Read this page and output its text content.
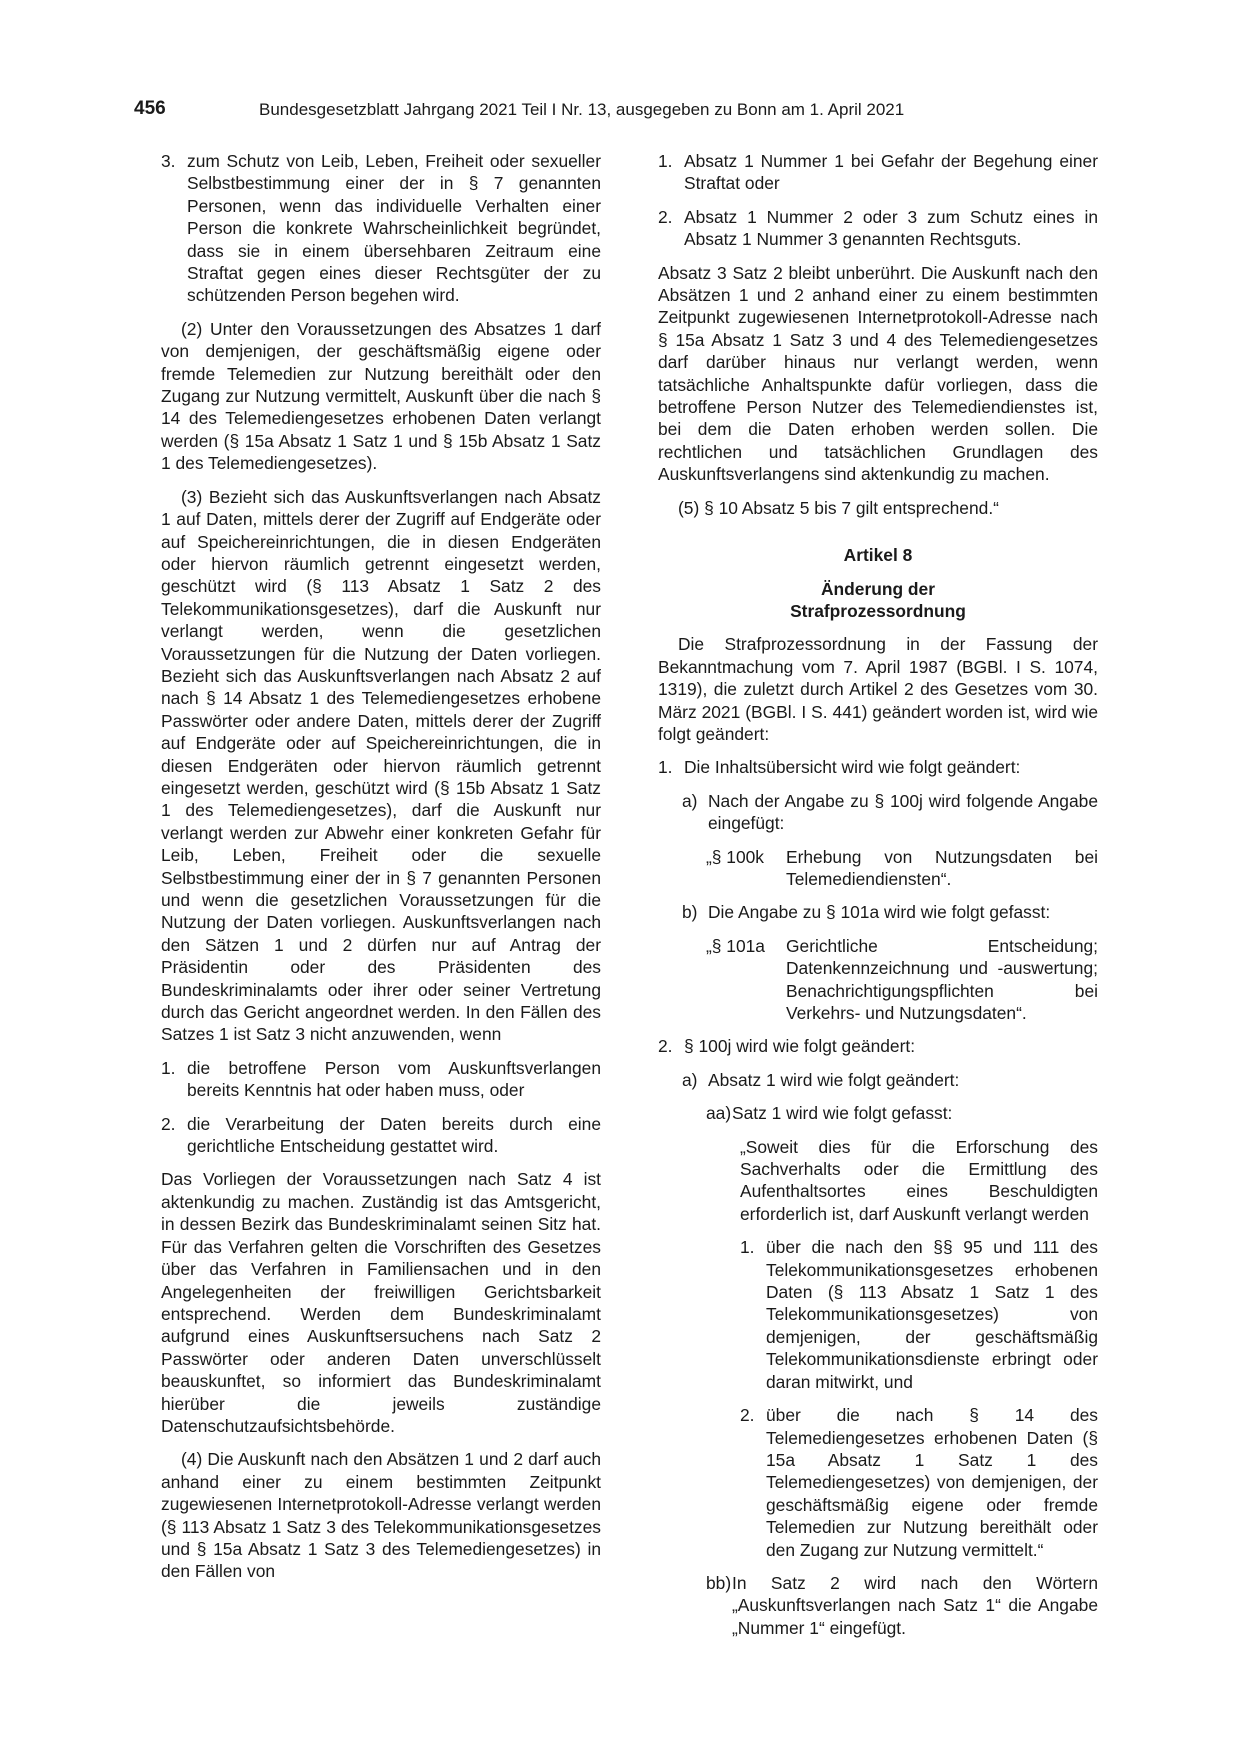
456	Bundesgesetzblatt Jahrgang 2021 Teil I Nr. 13, ausgegeben zu Bonn am 1. April 2021
3. zum Schutz von Leib, Leben, Freiheit oder sexueller Selbstbestimmung einer der in § 7 genannten Personen, wenn das individuelle Verhalten einer Person die konkrete Wahrscheinlichkeit begründet, dass sie in einem übersehbaren Zeitraum eine Straftat gegen eines dieser Rechtsgüter der zu schützenden Person begehen wird.

(2) Unter den Voraussetzungen des Absatzes 1 darf von demjenigen, der geschäftsmäßig eigene oder fremde Telemedien zur Nutzung bereithält oder den Zugang zur Nutzung vermittelt, Auskunft über die nach § 14 des Telemediengesetzes erhobenen Daten verlangt werden (§ 15a Absatz 1 Satz 1 und § 15b Absatz 1 Satz 1 des Telemediengesetzes).

(3) Bezieht sich das Auskunftsverlangen nach Absatz 1 auf Daten, mittels derer der Zugriff auf Endgeräte oder auf Speichereinrichtungen, die in diesen Endgeräten oder hiervon räumlich getrennt eingesetzt werden, geschützt wird (§ 113 Absatz 1 Satz 2 des Telekommunikationsgesetzes), darf die Auskunft nur verlangt werden, wenn die gesetzlichen Voraussetzungen für die Nutzung der Daten vorliegen. Bezieht sich das Auskunftsverlangen nach Absatz 2 auf nach § 14 Absatz 1 des Telemediengesetzes erhobene Passwörter oder andere Daten, mittels derer der Zugriff auf Endgeräte oder auf Speichereinrichtungen, die in diesen Endgeräten oder hiervon räumlich getrennt eingesetzt werden, geschützt wird (§ 15b Absatz 1 Satz 1 des Telemediengesetzes), darf die Auskunft nur verlangt werden zur Abwehr einer konkreten Gefahr für Leib, Leben, Freiheit oder die sexuelle Selbstbestimmung einer der in § 7 genannten Personen und wenn die gesetzlichen Voraussetzungen für die Nutzung der Daten vorliegen. Auskunftsverlangen nach den Sätzen 1 und 2 dürfen nur auf Antrag der Präsidentin oder des Präsidenten des Bundeskriminalamts oder ihrer oder seiner Vertretung durch das Gericht angeordnet werden. In den Fällen des Satzes 1 ist Satz 3 nicht anzuwenden, wenn

1. die betroffene Person vom Auskunftsverlangen bereits Kenntnis hat oder haben muss, oder
2. die Verarbeitung der Daten bereits durch eine gerichtliche Entscheidung gestattet wird.

Das Vorliegen der Voraussetzungen nach Satz 4 ist aktenkundig zu machen. Zuständig ist das Amtsgericht, in dessen Bezirk das Bundeskriminalamt seinen Sitz hat. Für das Verfahren gelten die Vorschriften des Gesetzes über das Verfahren in Familiensachen und in den Angelegenheiten der freiwilligen Gerichtsbarkeit entsprechend. Werden dem Bundeskriminalamt aufgrund eines Auskunftsersuchens nach Satz 2 Passwörter oder anderen Daten unverschlüsselt beauskunftet, so informiert das Bundeskriminalamt hierüber die jeweils zuständige Datenschutzaufsichtsbehörde.

(4) Die Auskunft nach den Absätzen 1 und 2 darf auch anhand einer zu einem bestimmten Zeitpunkt zugewiesenen Internetprotokoll-Adresse verlangt werden (§ 113 Absatz 1 Satz 3 des Telekommunikationsgesetzes und § 15a Absatz 1 Satz 3 des Telemediengesetzes) in den Fällen von

1. Absatz 1 Nummer 1 bei Gefahr der Begehung einer Straftat oder
2. Absatz 1 Nummer 2 oder 3 zum Schutz eines in Absatz 1 Nummer 3 genannten Rechtsguts.

Absatz 3 Satz 2 bleibt unberührt. Die Auskunft nach den Absätzen 1 und 2 anhand einer zu einem bestimmten Zeitpunkt zugewiesenen Internetprotokoll-Adresse nach § 15a Absatz 1 Satz 3 und 4 des Telemediengesetzes darf darüber hinaus nur verlangt werden, wenn tatsächliche Anhaltspunkte dafür vorliegen, dass die betroffene Person Nutzer des Telemediendienstes ist, bei dem die Daten erhoben werden sollen. Die rechtlichen und tatsächlichen Grundlagen des Auskunftsverlangens sind aktenkundig zu machen.

(5) § 10 Absatz 5 bis 7 gilt entsprechend.“

Artikel 8

Änderung der

Strafprozessordnung

Die Strafprozessordnung in der Fassung der Bekanntmachung vom 7. April 1987 (BGBl. I S. 1074, 1319), die zuletzt durch Artikel 2 des Gesetzes vom 30. März 2021 (BGBl. I S. 441) geändert worden ist, wird wie folgt geändert:

1. Die Inhaltsübersicht wird wie folgt geändert:
a) Nach der Angabe zu § 100j wird folgende Angabe eingefügt:
„§ 100k	Erhebung von Nutzungsdaten bei Telemediendiensten“.
b) Die Angabe zu § 101a wird wie folgt gefasst:
„§ 101a	Gerichtliche Entscheidung; Datenkennzeichnung und -auswertung; Benachrichtigungspflichten bei Verkehrs- und Nutzungsdaten“.
2. § 100j wird wie folgt geändert:
a) Absatz 1 wird wie folgt geändert:
aa) Satz 1 wird wie folgt gefasst:

„Soweit dies für die Erforschung des Sachverhalts oder die Ermittlung des Aufenthaltsortes eines Beschuldigten erforderlich ist, darf Auskunft verlangt werden

1. über die nach den §§ 95 und 111 des Telekommunikationsgesetzes erhobenen Daten (§ 113 Absatz 1 Satz 1 des Telekommunikationsgesetzes) von demjenigen, der geschäftsmäßig Telekommunikationsdienste erbringt oder daran mitwirkt, und
2. über die nach § 14 des Telemediengesetzes erhobenen Daten (§ 15a Absatz 1 Satz 1 des Telemediengesetzes) von demjenigen, der geschäftsmäßig eigene oder fremde Telemedien zur Nutzung bereithält oder den Zugang zur Nutzung vermittelt.“
bb) In Satz 2 wird nach den Wörtern „Auskunftsverlangen nach Satz 1“ die Angabe „Nummer 1“ eingefügt.
